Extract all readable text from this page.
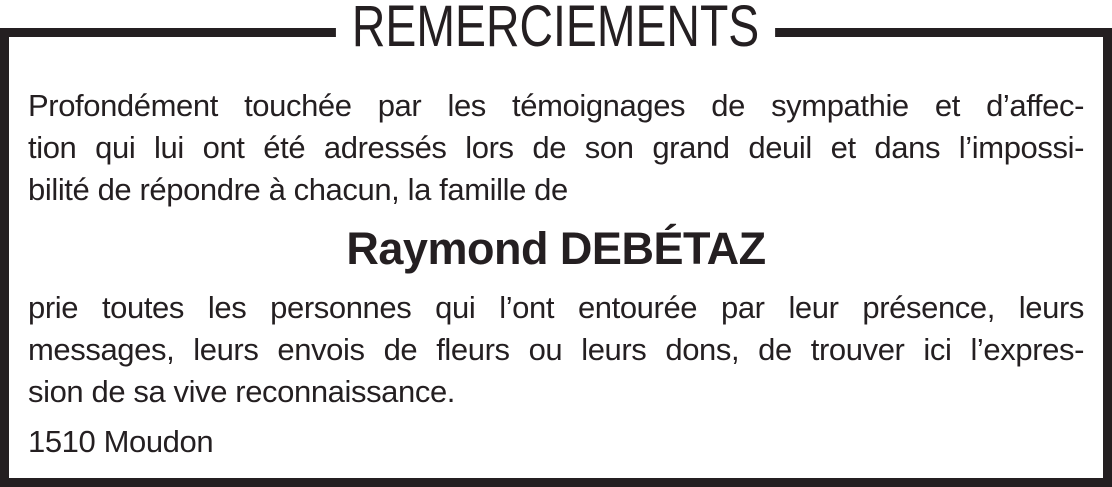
REMERCIEMENTS
Profondément touchée par les témoignages de sympathie et d’affec-
tion qui lui ont été adressés lors de son grand deuil et dans l’impossi-
bilité de répondre à chacun, la famille de
Raymond DEBÉTAZ
prie toutes les personnes qui l’ont entourée par leur présence, leurs
messages, leurs envois de fleurs ou leurs dons, de trouver ici l’expres-
sion de sa vive reconnaissance.
1510 Moudon
